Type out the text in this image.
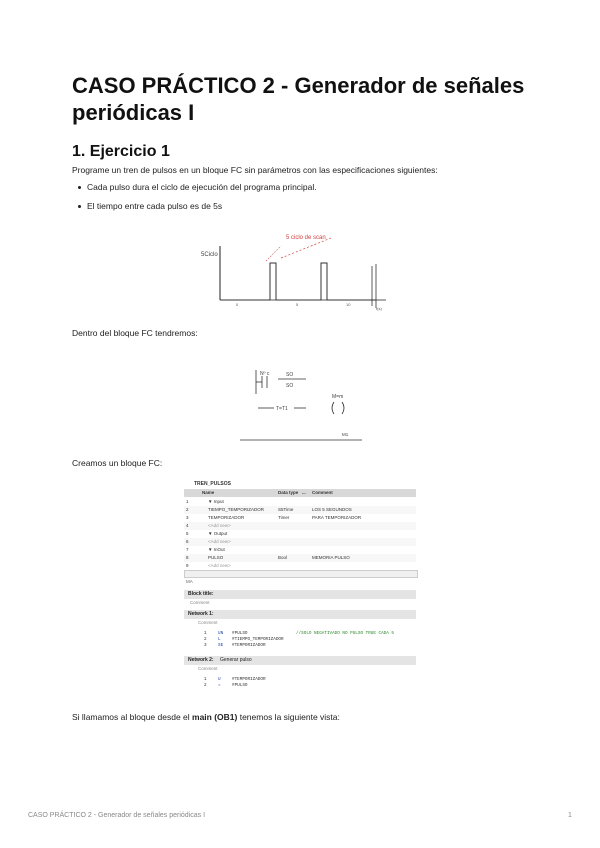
CASO PRÁCTICO 2 - Generador de señales periódicas I
1. Ejercicio 1

Programe un tren de pulsos en un bloque FC sin parámetros con las especificaciones siguientes:

Cada pulso dura el ciclo de ejecución del programa principal.
El tiempo entre cada pulso es de 5s
5Ciclo
5 ciclo de scan
0	5	10
t(s)

Dentro del bloque FC tendremos:

Nº c	SO
SO
M=m
T=T1
M1

Creamos un bloque FC:

TREN_PULSOS
Name	Data type ... Comment
1	▼ Input
2	TIEMPO_TEMPORIZADOR	S5Time	LOS 5 SEGUNDOS
3	TEMPORIZADOR	Timer	PARA TEMPORIZADOR
4	<Add new>
5	▼ Output
6	<Add new>
7	▼ InOut
8	PULSO	Bool	MEMORIA PULSO
9	<Add new>
MA
Block title:
Comment
Network 1:
Comment
1	UN #PULSO	//SOLO NEGATIVADO NO PULSO TRUE CADA 5
2	L	#TIEMPO_TEMPORIZADOR
3	SE #TEMPORIZADOR
Network 2: Generar pulso
Comment
1	U	#TEMPORIZADOR
2	=	#PULSO

Si llamamos al bloque desde el main (OB1) tenemos la siguiente vista:

CASO PRÁCTICO 2 - Generador de señales periódicas I	1
